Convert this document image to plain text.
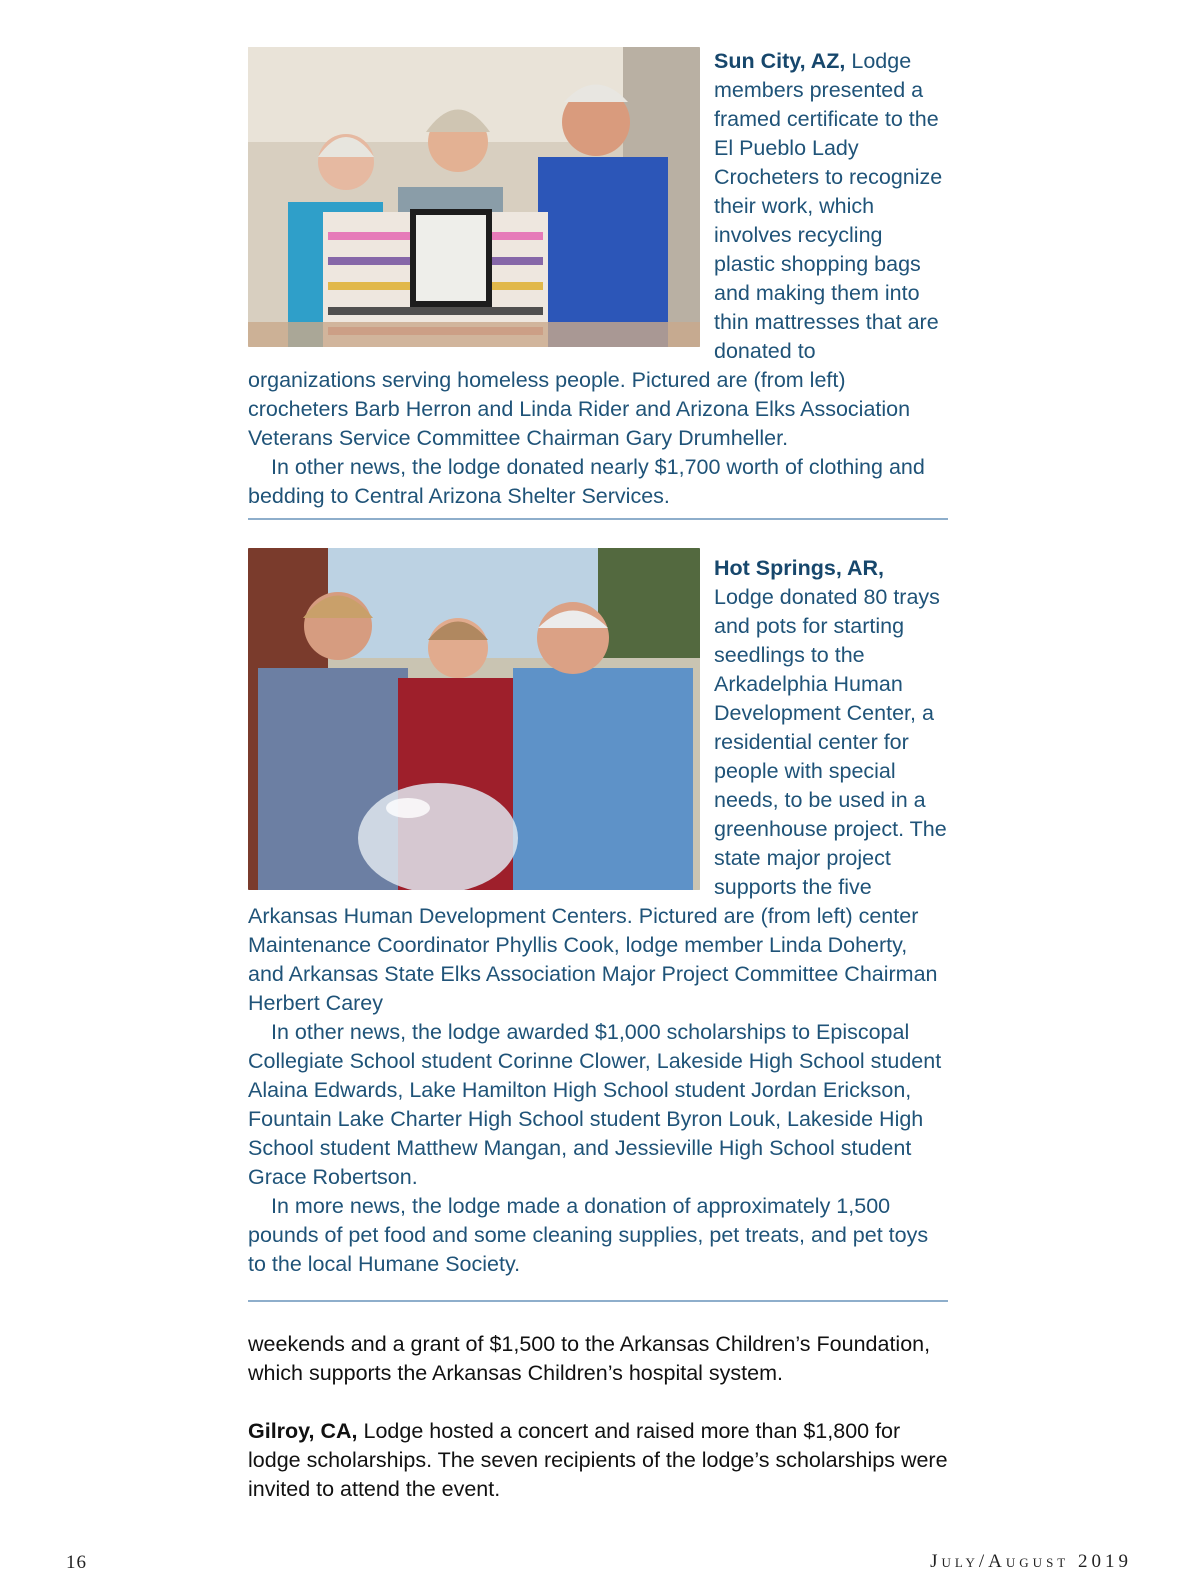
Sun City, AZ, Lodge members presented a framed certificate to the El Pueblo Lady Crocheters to recognize their work, which involves recycling plastic shopping bags and making them into thin mattresses that are donated to organizations serving homeless people. Pictured are (from left) crocheters Barb Herron and Linda Rider and Arizona Elks Association Veterans Service Committee Chairman Gary Drumheller.
In other news, the lodge donated nearly $1,700 worth of clothing and bedding to Central Arizona Shelter Services.
Hot Springs, AR, Lodge donated 80 trays and pots for starting seedlings to the Arkadelphia Human Development Center, a residential center for people with special needs, to be used in a greenhouse project. The state major project supports the five Arkansas Human Development Centers. Pictured are (from left) center Maintenance Coordinator Phyllis Cook, lodge member Linda Doherty, and Arkansas State Elks Association Major Project Committee Chairman Herbert Carey
In other news, the lodge awarded $1,000 scholarships to Episcopal Collegiate School student Corinne Clower, Lakeside High School student Alaina Edwards, Lake Hamilton High School student Jordan Erickson, Fountain Lake Charter High School student Byron Louk, Lakeside High School student Matthew Mangan, and Jessieville High School student Grace Robertson.
In more news, the lodge made a donation of approximately 1,500 pounds of pet food and some cleaning supplies, pet treats, and pet toys to the local Humane Society.
weekends and a grant of $1,500 to the Arkansas Children’s Foundation, which supports the Arkansas Children’s hospital system.
Gilroy, CA, Lodge hosted a concert and raised more than $1,800 for lodge scholarships. The seven recipients of the lodge’s scholarships were invited to attend the event.
16	July/August 2019
